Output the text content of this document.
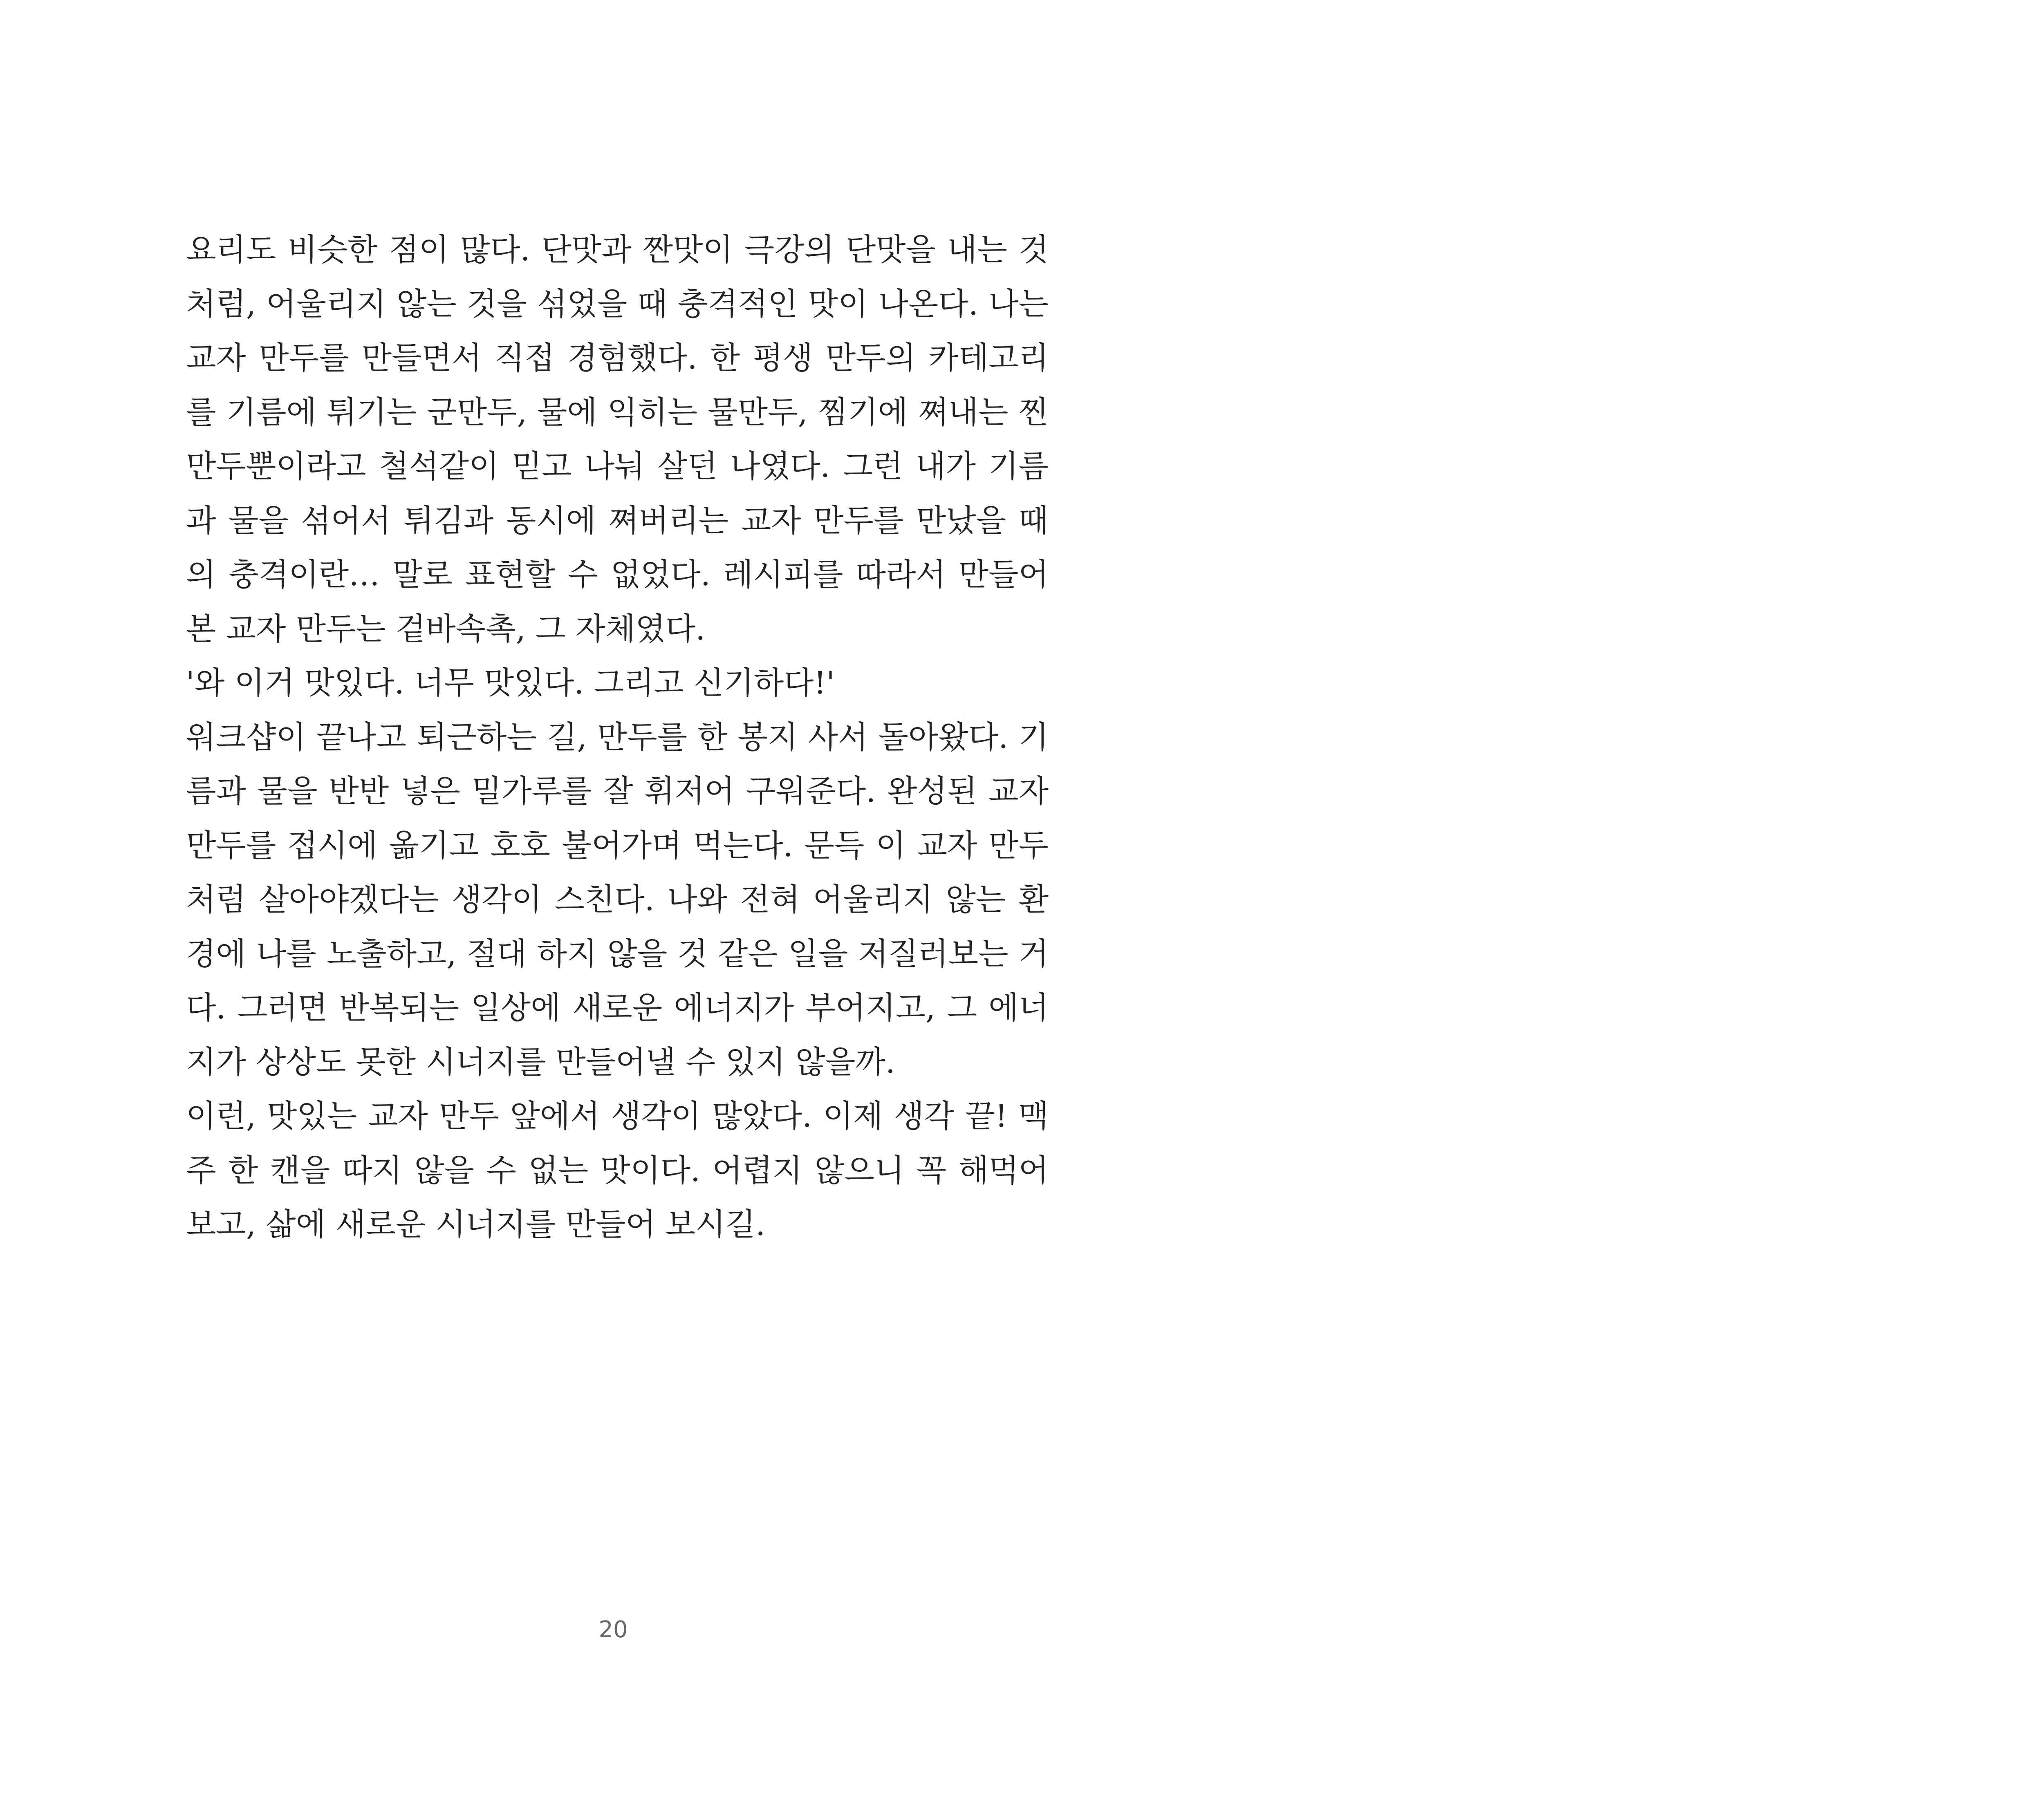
요리도 비슷한 점이 많다. 단맛과 짠맛이 극강의 단맛을 내는 것처럼, 어울리지 않는 것을 섞었을 때 충격적인 맛이 나온다. 나는 교자 만두를 만들면서 직접 경험했다. 한 평생 만두의 카테고리를 기름에 튀기는 군만두, 물에 익히는 물만두, 찜기에 쪄내는 찐만두뿐이라고 철석같이 믿고 나눠 살던 나였다. 그런 내가 기름과 물을 섞어서 튀김과 동시에 쪄버리는 교자 만두를 만났을 때의 충격이란… 말로 표현할 수 없었다. 레시피를 따라서 만들어본 교자 만두는 겉바속촉, 그 자체였다.

'와 이거 맛있다. 너무 맛있다. 그리고 신기하다!'

워크샵이 끝나고 퇴근하는 길, 만두를 한 봉지 사서 돌아왔다. 기름과 물을 반반 넣은 밀가루를 잘 휘저어 구워준다. 완성된 교자 만두를 접시에 옮기고 호호 불어가며 먹는다. 문득 이 교자 만두처럼 살아야겠다는 생각이 스친다. 나와 전혀 어울리지 않는 환경에 나를 노출하고, 절대 하지 않을 것 같은 일을 저질러보는 거다. 그러면 반복되는 일상에 새로운 에너지가 부어지고, 그 에너지가 상상도 못한 시너지를 만들어낼 수 있지 않을까.

이런, 맛있는 교자 만두 앞에서 생각이 많았다. 이제 생각 끝! 맥주 한 캔을 따지 않을 수 없는 맛이다. 어렵지 않으니 꼭 해먹어보고, 삶에 새로운 시너지를 만들어 보시길.

20
